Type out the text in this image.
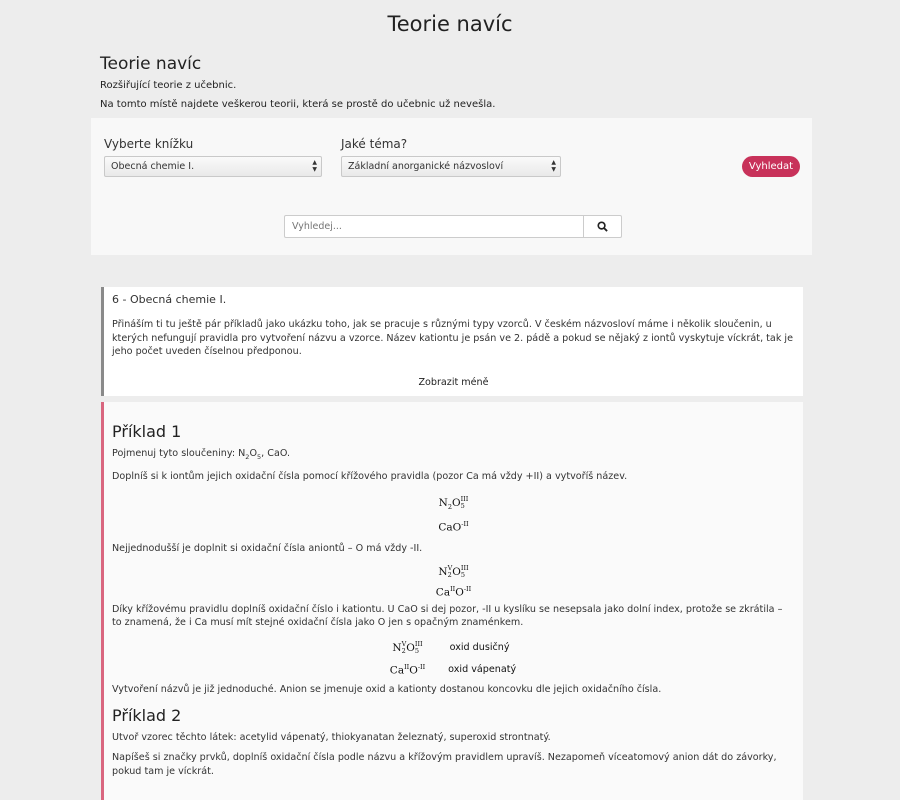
Teorie navíc
Teorie navíc

Rozšiřující teorie z učebnic.

Na tomto místě najdete veškerou teorii, která se prostě do učebnic už nevešla.

Vyberte knížku
Obecná chemie I.	▲
▼
Jaké téma?
Základní anorganické názvosloví	▲
▼	Vyhledat
Vyhledej...
6 - Obecná chemie I.

Přináším ti tu ještě pár příkladů jako ukázku toho, jak se pracuje s různými typy vzorců. V českém názvosloví máme i několik sloučenin, u kterých nefungují pravidla pro vytvoření názvu a vzorce. Název kationtu je psán ve 2. pádě a pokud se nějaký z iontů vyskytuje víckrát, tak je jeho počet uveden číselnou předponou.

Zobrazit méně
Příklad 1

Pojmenuj tyto sloučeniny: $N_2O_5$, CaO.

Doplníš si k iontům jejich oxidační čísla pomocí křížového pravidla (pozor Ca má vždy +II) a vytvoříš název.

$N_2O$ III
5
CaO$^{-II}$

Nejjednodušší je doplnit si oxidační čísla aniontů – O má vždy -II.

N V
2 O III
5
$Ca^{II}O^{-II}$

Díky křížovému pravidlu doplníš oxidační číslo i kationtu. U CaO si dej pozor, -II u kyslíku se nesepsala jako dolní index, protože se zkrátila – to znamená, že i Ca musí mít stejné oxidační čísla jako O jen s opačným znaménkem.

N V
2 O III
5	oxid dusičný
$Ca^{II}O^{-II}$ oxid vápenatý

Vytvoření názvů je již jednoduché. Anion se jmenuje oxid a kationty dostanou koncovku dle jejich oxidačního čísla.

Příklad 2

Utvoř vzorec těchto látek: acetylid vápenatý, thiokyanatan železnatý, superoxid strontnatý.

Napíšeš si značky prvků, doplníš oxidační čísla podle názvu a křížovým pravidlem upravíš. Nezapomeň víceatomový anion dát do závorky, pokud tam je víckrát.
